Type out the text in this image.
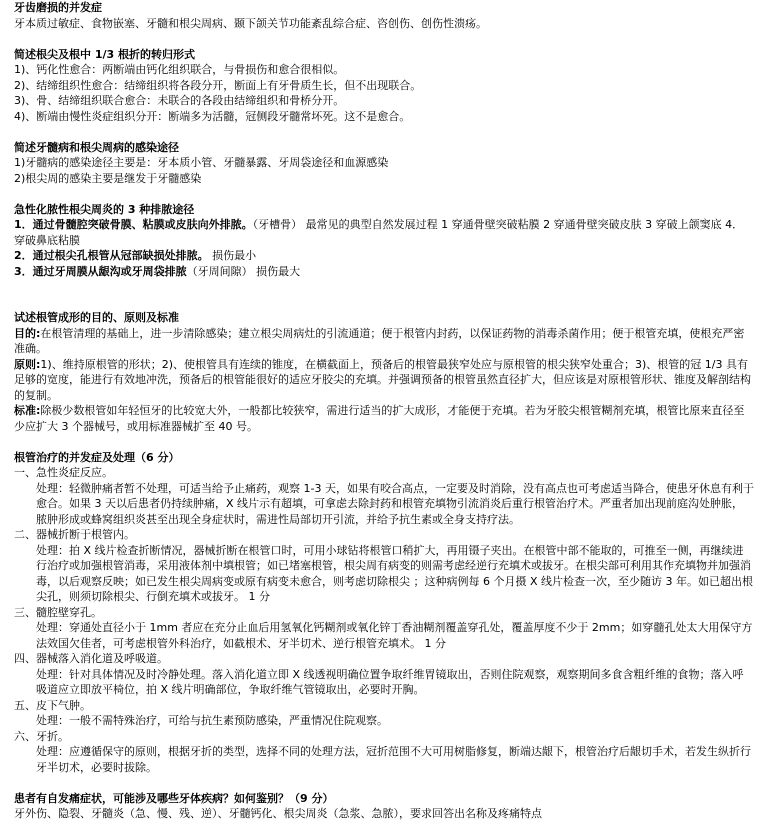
牙齿磨损的并发症

牙本质过敏症、食物嵌塞、牙髓和根尖周病、颞下颌关节功能紊乱综合症、咨创伤、创伤性溃疡。

简述根尖及根中 1/3 根折的转归形式

1)、钙化性愈合：两断端由钙化组织联合，与骨损伤和愈合很相似。

2)、结缔组织性愈合：结缔组织将各段分开，断面上有牙骨质生长，但不出现联合。

3)、骨、结缔组织联合愈合：未联合的各段由结缔组织和骨桥分开。

4)、断端由慢性炎症组织分开：断端多为活髓，冠侧段牙髓常坏死。这不是愈合。

简述牙髓病和根尖周病的感染途径

1)牙髓病的感染途径主要是：牙本质小管、牙髓暴露、牙周袋途径和血源感染

2)根尖周的感染主要是继发于牙髓感染

急性化脓性根尖周炎的 3 种排脓途径

1．通过骨髓腔突破骨膜、粘膜或皮肤向外排脓。（牙槽骨） 最常见的典型自然发展过程 1 穿通骨壁突破粘膜 2 穿通骨壁突破皮肤 3 穿破上颌窦底 4．穿破鼻底粘膜

2．通过根尖孔根管从冠部缺损处排脓。 损伤最小

3．通过牙周膜从龈沟或牙周袋排脓（牙周间隙） 损伤最大

试述根管成形的目的、原则及标准

目的:在根管清理的基础上，进一步清除感染；建立根尖周病灶的引流通道；便于根管内封药，以保证药物的消毒杀菌作用；便于根管充填，使根充严密准确。

原则:1)、维持原根管的形状；2)、使根管具有连续的锥度，在横截面上，预备后的根管最狭窄处应与原根管的根尖狭窄处重合；3)、根管的冠 1/3 具有足够的宽度，能进行有效地冲洗，预备后的根管能很好的适应牙胶尖的充填。并强调预备的根管虽然直径扩大，但应该是对原根管形状、锥度及解剖结构的复制。

标准:除极少数根管如年轻恒牙的比较宽大外，一般都比较狭窄，需进行适当的扩大成形，才能便于充填。若为牙胶尖根管糊剂充填，根管比原来直径至少应扩大 3 个器械号，或用标准器械扩至 40 号。

根管治疗的并发症及处理（6 分）

一、急性炎症反应。

处理：轻微肿痛者暂不处理，可适当给予止痛药，观察 1-3 天，如果有咬合高点，一定要及时消除，没有高点也可考虑适当降合，使患牙休息有利于愈合。如果 3 天以后患者仍持续肿痛，X 线片示有超填，可拿虑去除封药和根管充填物引流消炎后重行根管治疗术。严重者加出现前庭沟处肿胀，脓肿形成或蜂窝组织炎甚至出现全身症状时，需进性局部切开引流，并给予抗生素或全身支持疗法。

二、器械折断于根管内。

处理：拍 X 线片检查折断情况，器械折断在根管口时，可用小球钻将根管口稍扩大，再用镊子夹出。在根管中部不能取的，可推至一侧，再继续进行治疗或加强根管消毒，采用液体剂中填根管；如已堵塞根管，根尖周有病变的则需考虑经逆行充填术或拔牙。在根尖部可利用其作充填物并加强消毒，以后观察反映；如已发生根尖周病变或原有病变未愈合，则考虑切除根尖 ；这种病例每 6 个月摄 X 线片检查一次，至少随访 3 年。如已超出根尖孔，则须切除根尖、行倒充填术或拔牙。 1 分

三、髓腔壁穿孔。

处理：穿通处直径小于 1mm 者应在充分止血后用氢氧化钙糊剂或氧化锌丁香油糊剂覆盖穿孔处，覆盖厚度不少于 2mm；如穿髓孔处太大用保守方法效国欠佳者，可考虑根管外科治疗，如截根术、牙半切术、逆行根管充填术。 1 分

四、器械落入消化道及呼吸道。

处理：针对具体情况及时冷静处理。落入消化道立即 X 线透视明确位置争取纤维胃镜取出，否则住院观察，观察期间多食含粗纤维的食物；落入呼吸道应立即放平椅位，拍 X 线片明确部位，争取纤维气管镜取出，必要时开胸。

五、皮下气肿。

处理：一般不需特殊治疗，可给与抗生素预防感染，严重情况住院观察。

六、牙折。

处理：应遵循保守的原则，根据牙折的类型，选择不同的处理方法，冠折范围不大可用树脂修复，断端达龈下，根管治疗后龈切手术，若发生纵折行牙半切术，必要时拔除。

患者有自发痛症状，可能涉及哪些牙体疾病？如何鉴别？（9 分）

牙外伤、隐裂、牙髓炎（急、慢、残、逆）、牙髓钙化、根尖周炎（急浆、急脓），要求回答出名称及疼痛特点
